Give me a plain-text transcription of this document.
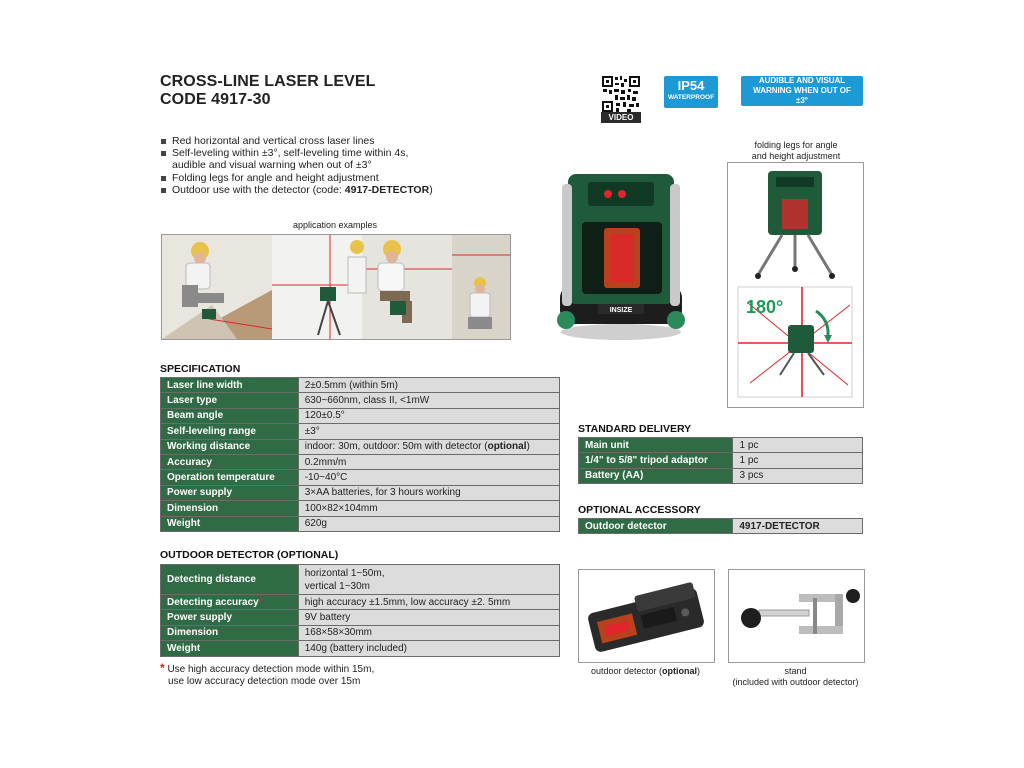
CROSS-LINE LASER LEVEL
CODE 4917-30
VIDEO
IP54
WATERPROOF
AUDIBLE AND VISUAL WARNING WHEN OUT OF ±3°
Red horizontal and vertical cross laser lines
Self-leveling within ±3°, self-leveling time within 4s,
audible and visual warning when out of ±3°
Folding legs for angle and height adjustment
Outdoor use with the detector (code: 4917-DETECTOR)
application examples
INSIZE
folding legs for angle
and height adjustment
180°
SPECIFICATION
Laser line width	2±0.5mm (within 5m)
Laser type	630~660nm, class II, <1mW
Beam angle	120±0.5°
Self-leveling range	±3°
Working distance	indoor: 30m, outdoor: 50m with detector (optional)
Accuracy	0.2mm/m
Operation temperature	-10~40°C
Power supply	3×AA batteries, for 3 hours working
Dimension	100×82×104mm
Weight	620g
OUTDOOR DETECTOR (OPTIONAL)
Detecting distance	horizontal 1~50m,
vertical 1~30m

Detecting accuracy*	high accuracy ±1.5mm, low accuracy ±2. 5mm
Power supply	9V battery
Dimension	168×58×30mm
Weight	140g (battery included)
* Use high accuracy detection mode within 15m,
use low accuracy detection mode over 15m
STANDARD DELIVERY
Main unit	1 pc
1/4" to 5/8" tripod adaptor	1 pc
Battery (AA)	3 pcs
OPTIONAL ACCESSORY
Outdoor detector	4917-DETECTOR
outdoor detector (optional)	stand
(included with outdoor detector)
